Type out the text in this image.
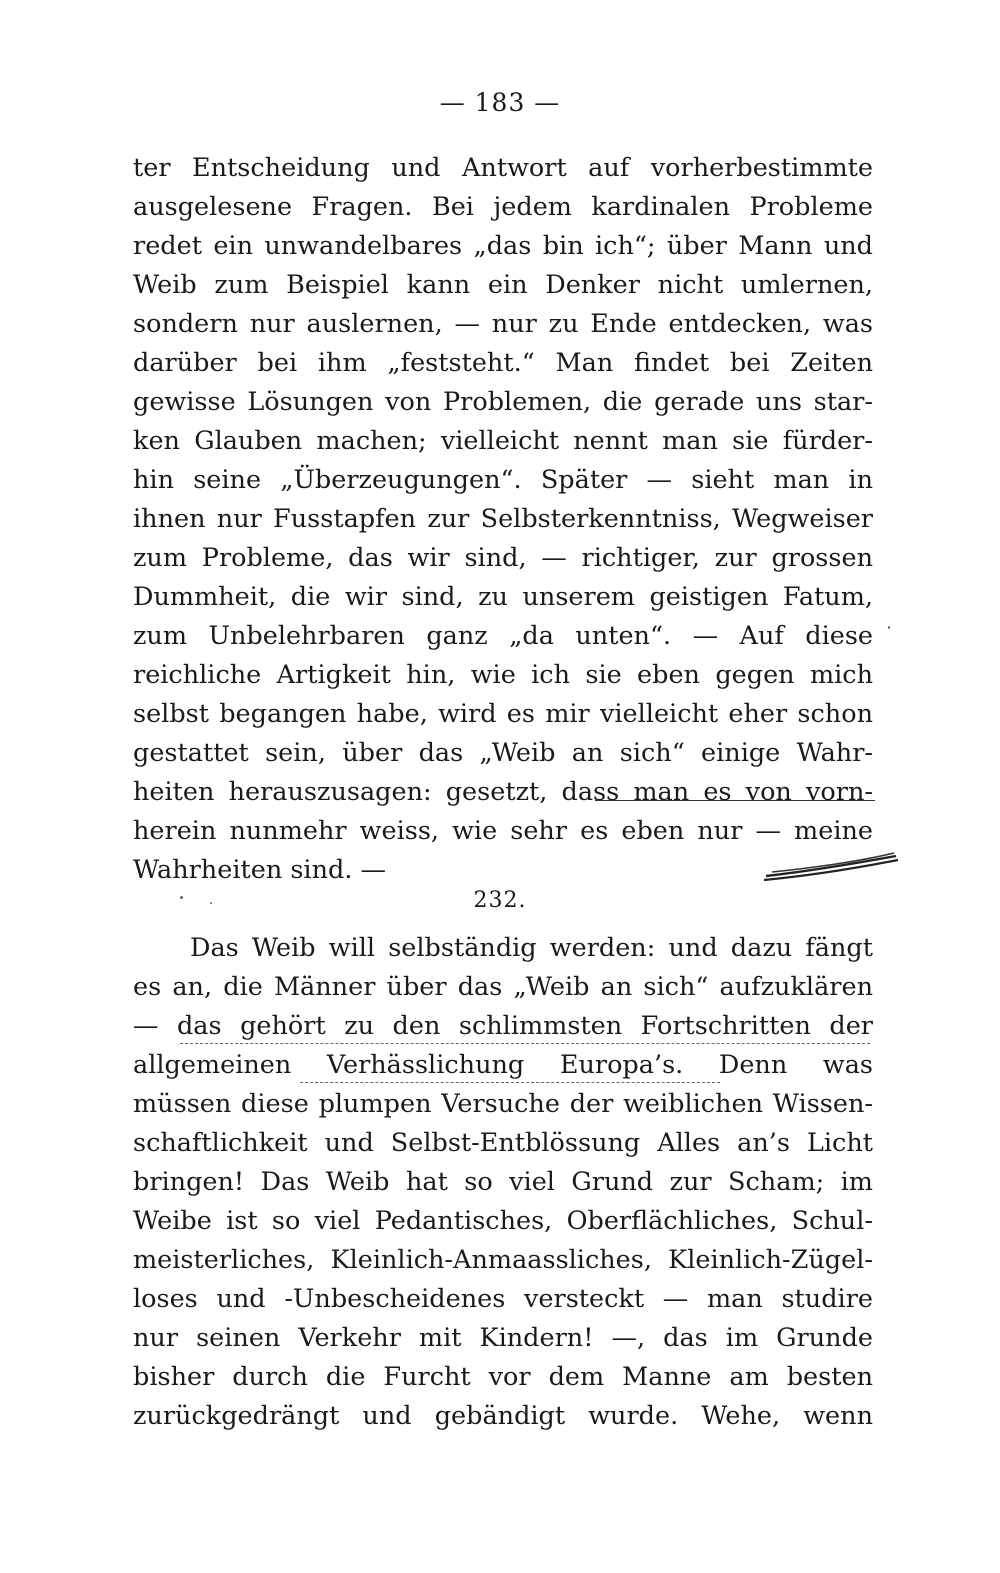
— 183 —
ter Entscheidung und Antwort auf vorherbestimmte
ausgelesene Fragen. Bei jedem kardinalen Probleme
redet ein unwandelbares „das bin ich“; über Mann und
Weib zum Beispiel kann ein Denker nicht umlernen,
sondern nur auslernen, — nur zu Ende entdecken, was
darüber bei ihm „feststeht.“ Man findet bei Zeiten
gewisse Lösungen von Problemen, die gerade uns star-
ken Glauben machen; vielleicht nennt man sie fürder-
hin seine „Überzeugungen“. Später — sieht man in
ihnen nur Fusstapfen zur Selbsterkenntniss, Wegweiser
zum Probleme, das wir sind, — richtiger, zur grossen
Dummheit, die wir sind, zu unserem geistigen Fatum,
zum Unbelehrbaren ganz „da unten“. — Auf diese
reichliche Artigkeit hin, wie ich sie eben gegen mich
selbst begangen habe, wird es mir vielleicht eher schon
gestattet sein, über das „Weib an sich“ einige Wahr-
heiten herauszusagen: gesetzt, dass man es von vorn-
herein nunmehr weiss, wie sehr es eben nur — meine
Wahrheiten sind. —
232.
Das Weib will selbständig werden: und dazu fängt
es an, die Männer über das „Weib an sich“ aufzuklären
— das gehört zu den schlimmsten Fortschritten der
allgemeinen Verhässlichung Europa’s. Denn was
müssen diese plumpen Versuche der weiblichen Wissen-
schaftlichkeit und Selbst-Entblössung Alles an’s Licht
bringen! Das Weib hat so viel Grund zur Scham; im
Weibe ist so viel Pedantisches, Oberflächliches, Schul-
meisterliches, Kleinlich-Anmaassliches, Kleinlich-Zügel-
loses und -Unbescheidenes versteckt — man studire
nur seinen Verkehr mit Kindern! —, das im Grunde
bisher durch die Furcht vor dem Manne am besten
zurückgedrängt und gebändigt wurde. Wehe, wenn
